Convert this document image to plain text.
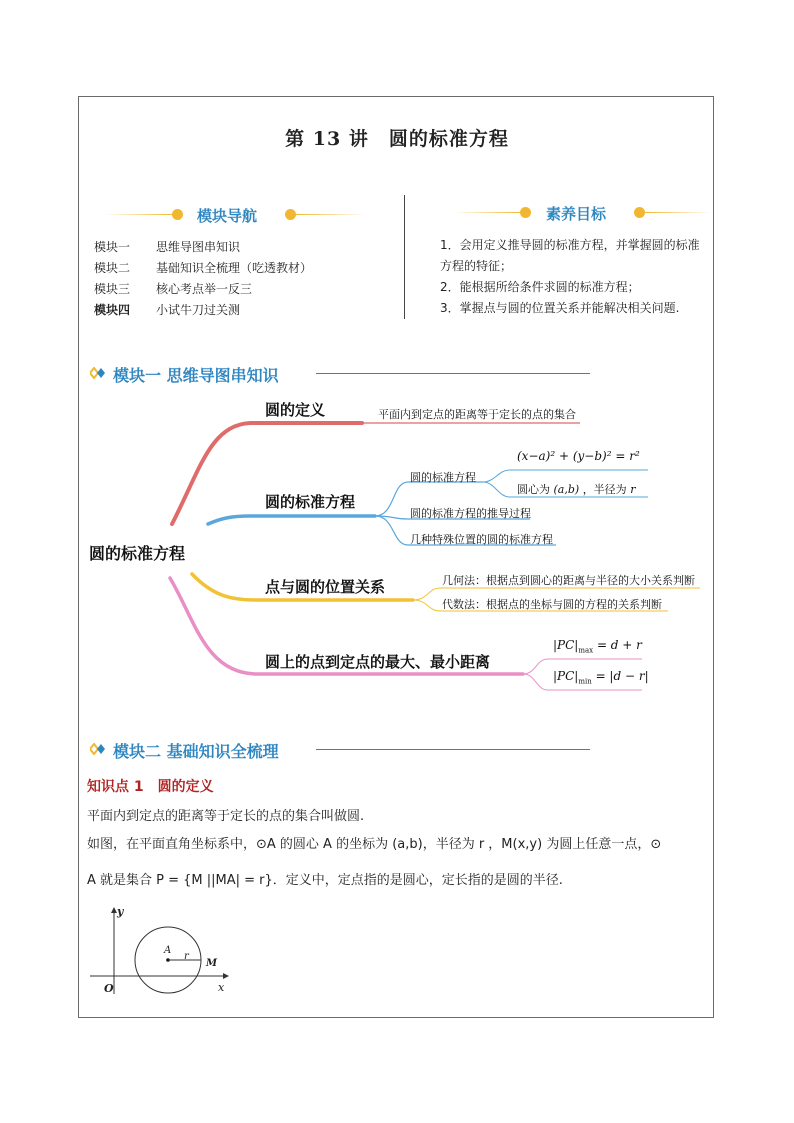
第 13 讲　圆的标准方程
模块导航
模块一 思维导图串知识
模块二 基础知识全梳理（吃透教材）
模块三 核心考点举一反三
模块四 小试牛刀过关测
素养目标
1．会用定义推导圆的标准方程，并掌握圆的标准
方程的特征；
2．能根据所给条件求圆的标准方程；
3．掌握点与圆的位置关系并能解决相关问题.
模块一 思维导图串知识
圆的标准方程
圆的定义	平面内到定点的距离等于定长的点的集合
圆的标准方程
圆的标准方程
(x−a)² + (y−b)² = r²
圆心为 (a,b) ，半径为 r
圆的标准方程的推导过程
几种特殊位置的圆的标准方程
点与圆的位置关系	几何法：根据点到圆心的距离与半径的大小关系判断
代数法：根据点的坐标与圆的方程的关系判断
圆上的点到定点的最大、最小距离
$|PC|_{max} = d + r$
$|PC|_{min} = |d - r|$
模块二 基础知识全梳理
知识点 1　圆的定义
平面内到定点的距离等于定长的点的集合叫做圆.
如图，在平面直角坐标系中，⊙A 的圆心 A 的坐标为 (a,b)，半径为 r ，M(x,y) 为圆上任意一点，⊙
A 就是集合 P = {M ||MA| = r}．定义中，定点指的是圆心，定长指的是圆的半径.
y
x
O
A
r
M
